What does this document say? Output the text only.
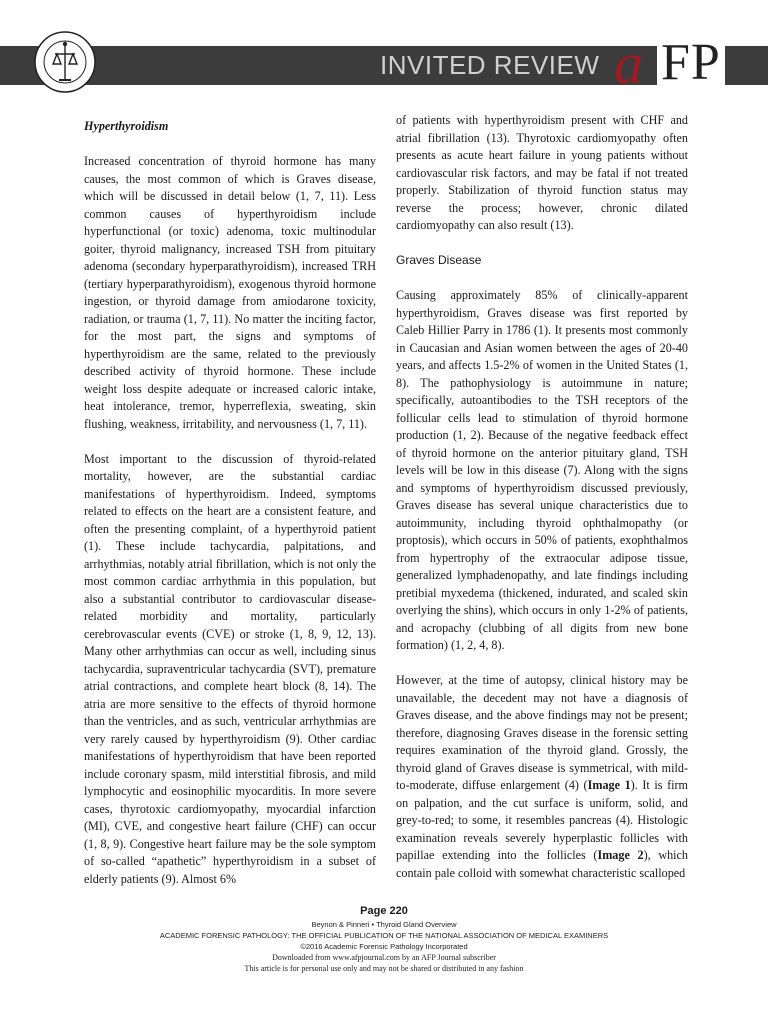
INVITED REVIEW a FP
Hyperthyroidism

Increased concentration of thyroid hormone has many causes, the most common of which is Graves disease, which will be discussed in detail below (1, 7, 11). Less common causes of hyperthyroidism include hyperfunctional (or toxic) adenoma, toxic multinodular goiter, thyroid malignancy, increased TSH from pituitary adenoma (secondary hyperparathyroidism), increased TRH (tertiary hyperparathyroidism), exogenous thyroid hormone ingestion, or thyroid damage from amiodarone toxicity, radiation, or trauma (1, 7, 11). No matter the inciting factor, for the most part, the signs and symptoms of hyperthyroidism are the same, related to the previously described activity of thyroid hormone. These include weight loss despite adequate or increased caloric intake, heat intolerance, tremor, hyperreflexia, sweating, skin flushing, weakness, irritability, and nervousness (1, 7, 11).

Most important to the discussion of thyroid-related mortality, however, are the substantial cardiac manifestations of hyperthyroidism. Indeed, symptoms related to effects on the heart are a consistent feature, and often the presenting complaint, of a hyperthyroid patient (1). These include tachycardia, palpitations, and arrhythmias, notably atrial fibrillation, which is not only the most common cardiac arrhythmia in this population, but also a substantial contributor to cardiovascular disease-related morbidity and mortality, particularly cerebrovascular events (CVE) or stroke (1, 8, 9, 12, 13). Many other arrhythmias can occur as well, including sinus tachycardia, supraventricular tachycardia (SVT), premature atrial contractions, and complete heart block (8, 14). The atria are more sensitive to the effects of thyroid hormone than the ventricles, and as such, ventricular arrhythmias are very rarely caused by hyperthyroidism (9). Other cardiac manifestations of hyperthyroidism that have been reported include coronary spasm, mild interstitial fibrosis, and mild lymphocytic and eosinophilic myocarditis. In more severe cases, thyrotoxic cardiomyopathy, myocardial infarction (MI), CVE, and congestive heart failure (CHF) can occur (1, 8, 9). Congestive heart failure may be the sole symptom of so-called “apathetic” hyperthyroidism in a subset of elderly patients (9). Almost 6%

of patients with hyperthyroidism present with CHF and atrial fibrillation (13). Thyrotoxic cardiomyopathy often presents as acute heart failure in young patients without cardiovascular risk factors, and may be fatal if not treated properly. Stabilization of thyroid function status may reverse the process; however, chronic dilated cardiomyopathy can also result (13).

Graves Disease

Causing approximately 85% of clinically-apparent hyperthyroidism, Graves disease was first reported by Caleb Hillier Parry in 1786 (1). It presents most commonly in Caucasian and Asian women between the ages of 20-40 years, and affects 1.5-2% of women in the United States (1, 8). The pathophysiology is autoimmune in nature; specifically, autoantibodies to the TSH receptors of the follicular cells lead to stimulation of thyroid hormone production (1, 2). Because of the negative feedback effect of thyroid hormone on the anterior pituitary gland, TSH levels will be low in this disease (7). Along with the signs and symptoms of hyperthyroidism discussed previously, Graves disease has several unique characteristics due to autoimmunity, including thyroid ophthalmopathy (or proptosis), which occurs in 50% of patients, exophthalmos from hypertrophy of the extraocular adipose tissue, generalized lymphadenopathy, and late findings including pretibial myxedema (thickened, indurated, and scaled skin overlying the shins), which occurs in only 1-2% of patients, and acropachy (clubbing of all digits from new bone formation) (1, 2, 4, 8).

However, at the time of autopsy, clinical history may be unavailable, the decedent may not have a diagnosis of Graves disease, and the above findings may not be present; therefore, diagnosing Graves disease in the forensic setting requires examination of the thyroid gland. Grossly, the thyroid gland of Graves disease is symmetrical, with mild-to-moderate, diffuse enlargement (4) (Image 1). It is firm on palpation, and the cut surface is uniform, solid, and grey-to-red; to some, it resembles pancreas (4). Histologic examination reveals severely hyperplastic follicles with papillae extending into the follicles (Image 2), which contain pale colloid with somewhat characteristic scalloped

Page 220
Beynon & Pinneri • Thyroid Gland Overview
ACADEMIC FORENSIC PATHOLOGY: THE OFFICIAL PUBLICATION OF THE NATIONAL ASSOCIATION OF MEDICAL EXAMINERS
©2016 Academic Forensic Pathology Incorporated
Downloaded from www.afpjournal.com by an AFP Journal subscriber
This article is for personal use only and may not be shared or distributed in any fashion
